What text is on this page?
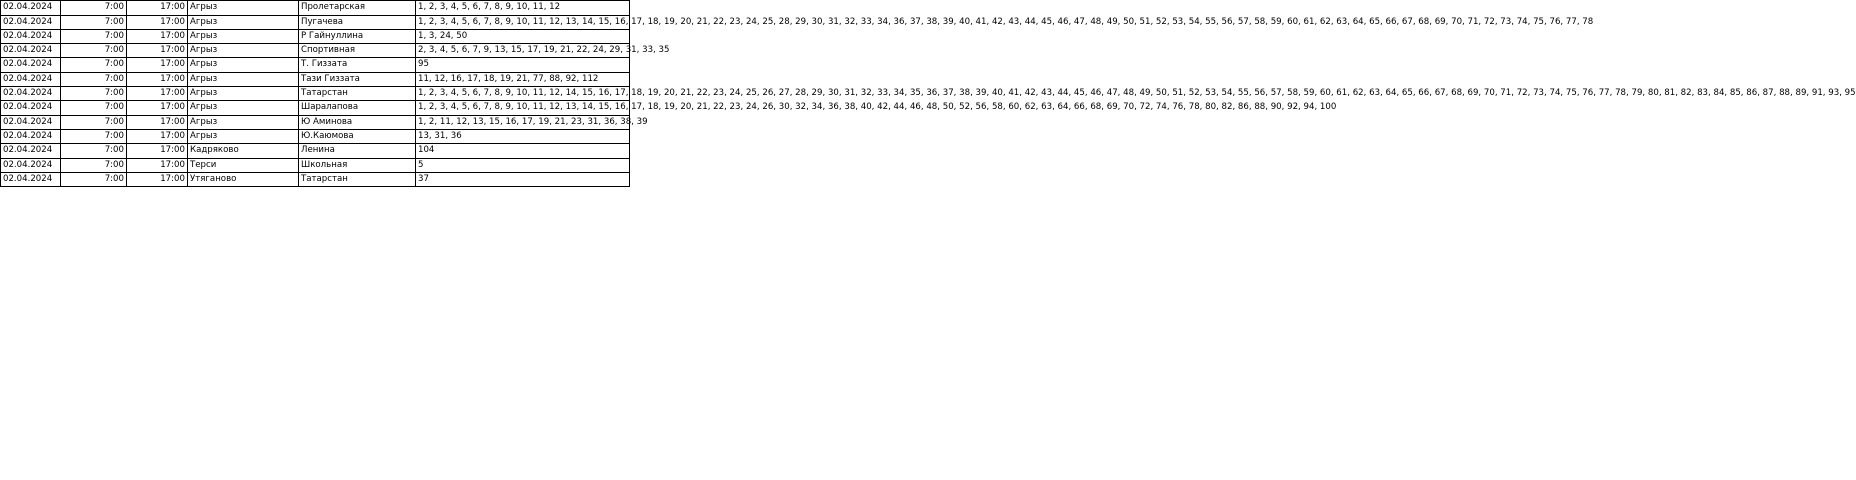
02.04.2024	7:00	17:00	Агрыз	Пролетарская	1, 2, 3, 4, 5, 6, 7, 8, 9, 10, 11, 12
02.04.2024	7:00	17:00	Агрыз	Пугачева	1, 2, 3, 4, 5, 6, 7, 8, 9, 10, 11, 12, 13, 14, 15, 16, 17, 18, 19, 20, 21, 22, 23, 24, 25, 28, 29, 30, 31, 32, 33, 34, 36, 37, 38, 39, 40, 41, 42, 43, 44, 45, 46, 47, 48, 49, 50, 51, 52, 53, 54, 55, 56, 57, 58, 59, 60, 61, 62, 63, 64, 65, 66, 67, 68, 69, 70, 71, 72, 73, 74, 75, 76, 77, 78
02.04.2024	7:00	17:00	Агрыз	Р Гайнуллина	1, 3, 24, 50
02.04.2024	7:00	17:00	Агрыз	Спортивная	2, 3, 4, 5, 6, 7, 9, 13, 15, 17, 19, 21, 22, 24, 29, 31, 33, 35
02.04.2024	7:00	17:00	Агрыз	Т. Гиззата	95
02.04.2024	7:00	17:00	Агрыз	Тази Гиззата	11, 12, 16, 17, 18, 19, 21, 77, 88, 92, 112
02.04.2024	7:00	17:00	Агрыз	Татарстан	1, 2, 3, 4, 5, 6, 7, 8, 9, 10, 11, 12, 14, 15, 16, 17, 18, 19, 20, 21, 22, 23, 24, 25, 26, 27, 28, 29, 30, 31, 32, 33, 34, 35, 36, 37, 38, 39, 40, 41, 42, 43, 44, 45, 46, 47, 48, 49, 50, 51, 52, 53, 54, 55, 56, 57, 58, 59, 60, 61, 62, 63, 64, 65, 66, 67, 68, 69, 70, 71, 72, 73, 74, 75, 76, 77, 78, 79, 80, 81, 82, 83, 84, 85, 86, 87, 88, 89, 91, 93, 95
02.04.2024	7:00	17:00	Агрыз	Шаралапова	1, 2, 3, 4, 5, 6, 7, 8, 9, 10, 11, 12, 13, 14, 15, 16, 17, 18, 19, 20, 21, 22, 23, 24, 26, 30, 32, 34, 36, 38, 40, 42, 44, 46, 48, 50, 52, 56, 58, 60, 62, 63, 64, 66, 68, 69, 70, 72, 74, 76, 78, 80, 82, 86, 88, 90, 92, 94, 100
02.04.2024	7:00	17:00	Агрыз	Ю Аминова	1, 2, 11, 12, 13, 15, 16, 17, 19, 21, 23, 31, 36, 38, 39
02.04.2024	7:00	17:00	Агрыз	Ю.Каюмова	13, 31, 36
02.04.2024	7:00	17:00	Кадряково	Ленина	104
02.04.2024	7:00	17:00	Терси	Школьная	5
02.04.2024	7:00	17:00	Утяганово	Татарстан	37
